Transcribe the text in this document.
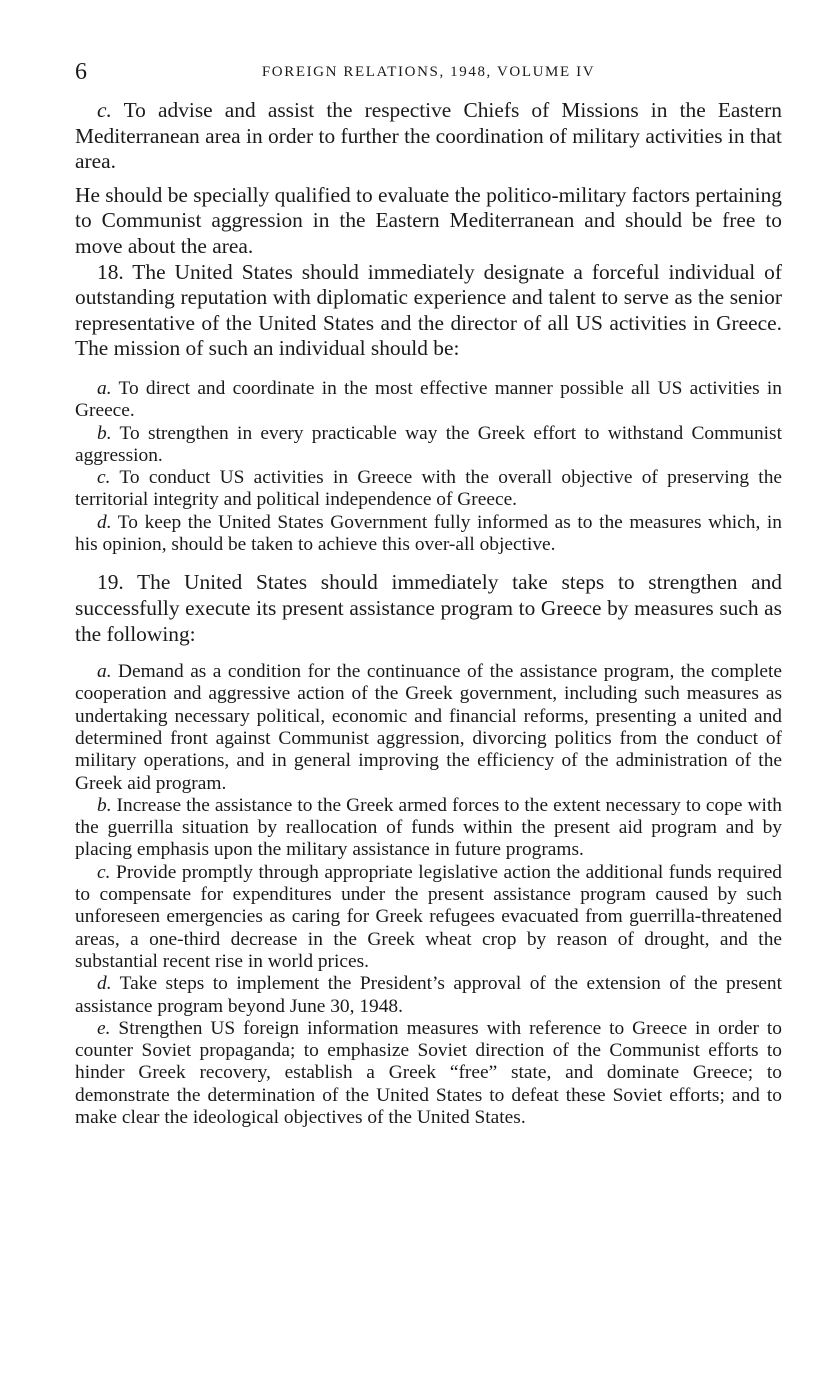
6	FOREIGN RELATIONS, 1948, VOLUME IV

c. To advise and assist the respective Chiefs of Missions in the Eastern Mediterranean area in order to further the coordination of military activities in that area.

He should be specially qualified to evaluate the politico-military factors pertaining to Communist aggression in the Eastern Mediterranean and should be free to move about the area.

18. The United States should immediately designate a forceful individual of outstanding reputation with diplomatic experience and talent to serve as the senior representative of the United States and the director of all US activities in Greece. The mission of such an individual should be:

a. To direct and coordinate in the most effective manner possible all US activities in Greece.

b. To strengthen in every practicable way the Greek effort to withstand Communist aggression.

c. To conduct US activities in Greece with the overall objective of preserving the territorial integrity and political independence of Greece.

d. To keep the United States Government fully informed as to the measures which, in his opinion, should be taken to achieve this over-all objective.

19. The United States should immediately take steps to strengthen and successfully execute its present assistance program to Greece by measures such as the following:

a. Demand as a condition for the continuance of the assistance program, the complete cooperation and aggressive action of the Greek government, including such measures as undertaking necessary political, economic and financial reforms, presenting a united and determined front against Communist aggression, divorcing politics from the conduct of military operations, and in general improving the efficiency of the administration of the Greek aid program.

b. Increase the assistance to the Greek armed forces to the extent necessary to cope with the guerrilla situation by reallocation of funds within the present aid program and by placing emphasis upon the military assistance in future programs.

c. Provide promptly through appropriate legislative action the additional funds required to compensate for expenditures under the present assistance program caused by such unforeseen emergencies as caring for Greek refugees evacuated from guerrilla-threatened areas, a one-third decrease in the Greek wheat crop by reason of drought, and the substantial recent rise in world prices.

d. Take steps to implement the President’s approval of the extension of the present assistance program beyond June 30, 1948.

e. Strengthen US foreign information measures with reference to Greece in order to counter Soviet propaganda; to emphasize Soviet direction of the Communist efforts to hinder Greek recovery, establish a Greek “free” state, and dominate Greece; to demonstrate the determination of the United States to defeat these Soviet efforts; and to make clear the ideological objectives of the United States.
